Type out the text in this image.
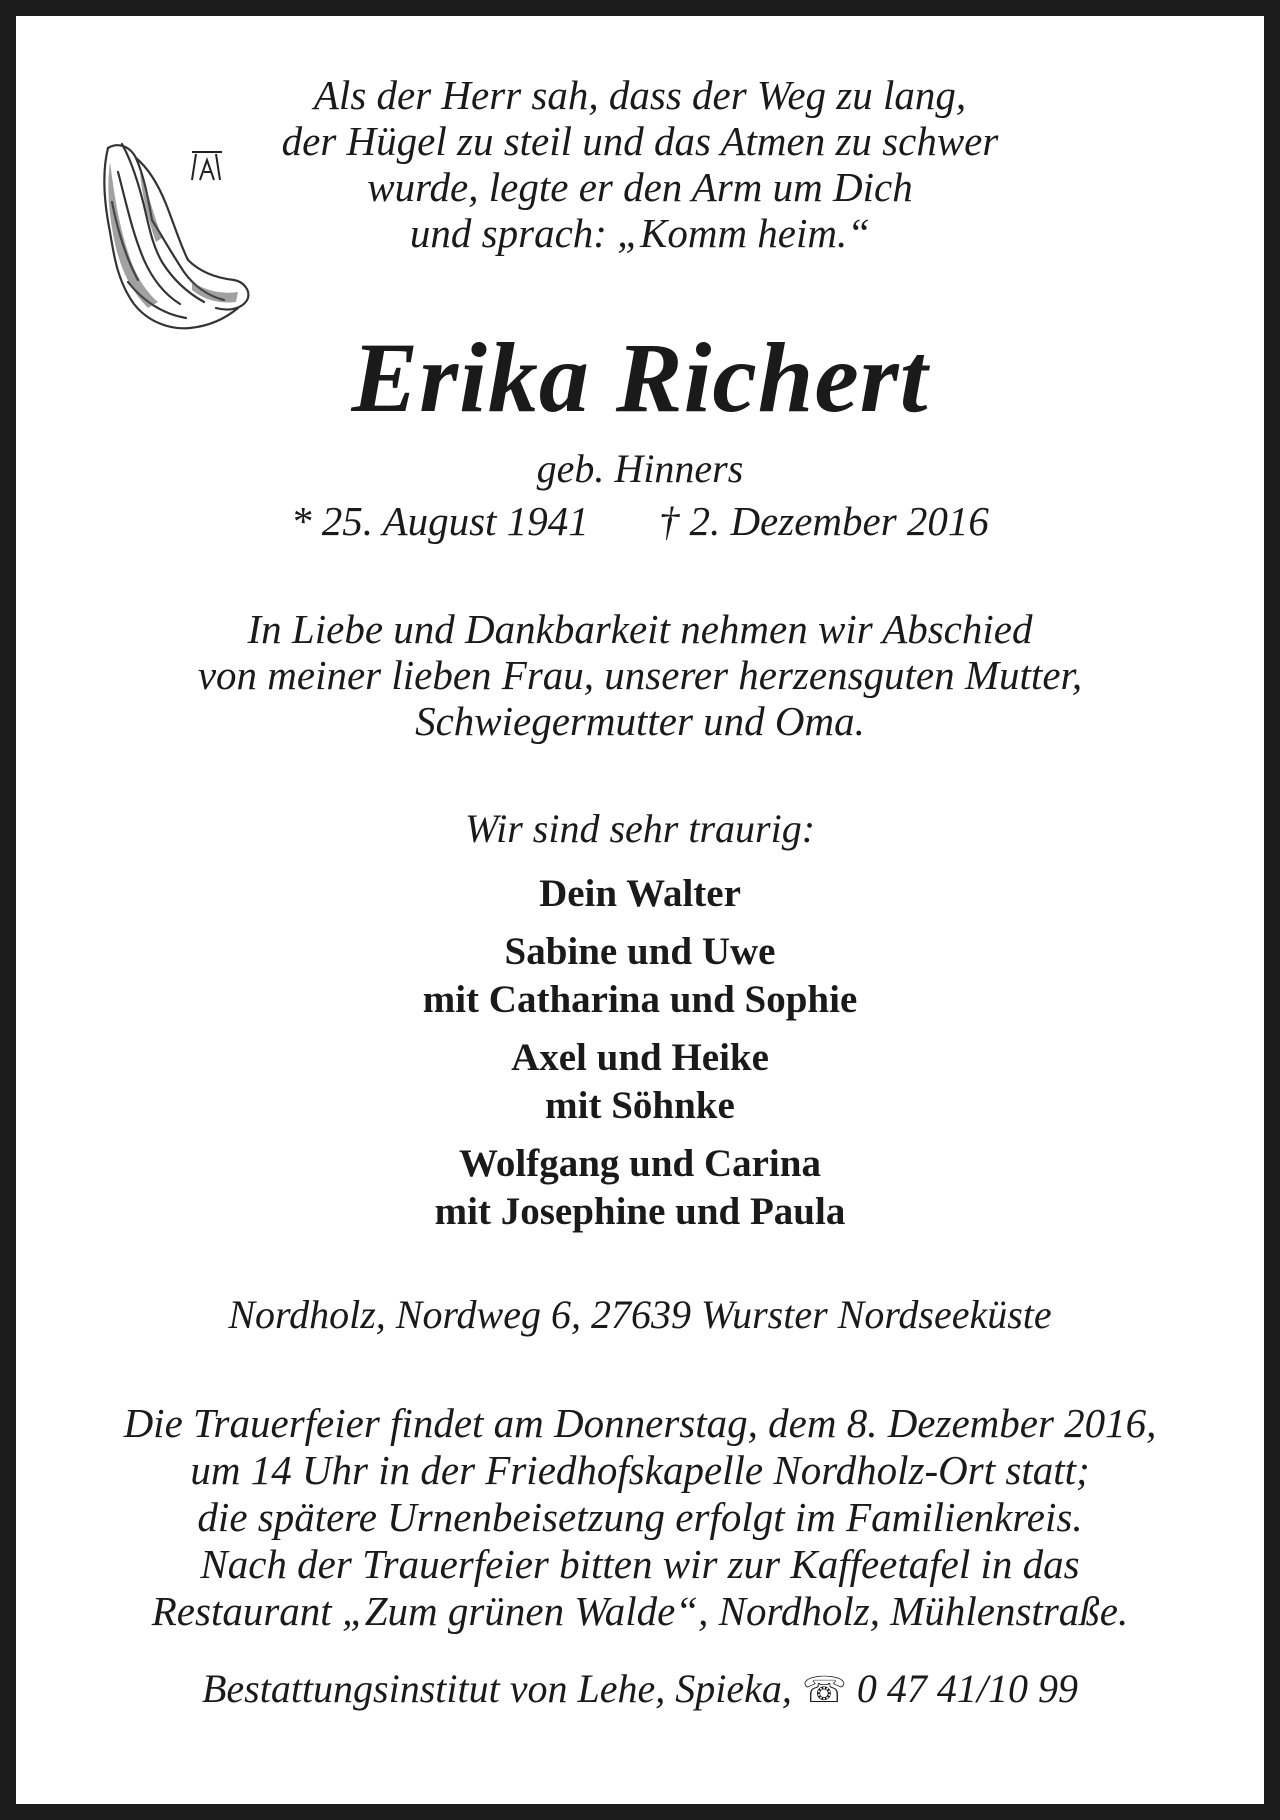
Als der Herr sah, dass der Weg zu lang,
der Hügel zu steil und das Atmen zu schwer
wurde, legte er den Arm um Dich
und sprach: „Komm heim.“
Erika Richert
geb. Hinners
* 25. August 1941 † 2. Dezember 2016
In Liebe und Dankbarkeit nehmen wir Abschied
von meiner lieben Frau, unserer herzensguten Mutter,
Schwiegermutter und Oma.
Wir sind sehr traurig:
Dein Walter
Sabine und Uwe
mit Catharina und Sophie
Axel und Heike
mit Söhnke
Wolfgang und Carina
mit Josephine und Paula
Nordholz, Nordweg 6, 27639 Wurster Nordseeküste
Die Trauerfeier findet am Donnerstag, dem 8. Dezember 2016,
um 14 Uhr in der Friedhofskapelle Nordholz-Ort statt;
die spätere Urnenbeisetzung erfolgt im Familienkreis.
Nach der Trauerfeier bitten wir zur Kaffeetafel in das
Restaurant „Zum grünen Walde“, Nordholz, Mühlenstraße.
Bestattungsinstitut von Lehe, Spieka, ☏ 0 47 41/10 99
